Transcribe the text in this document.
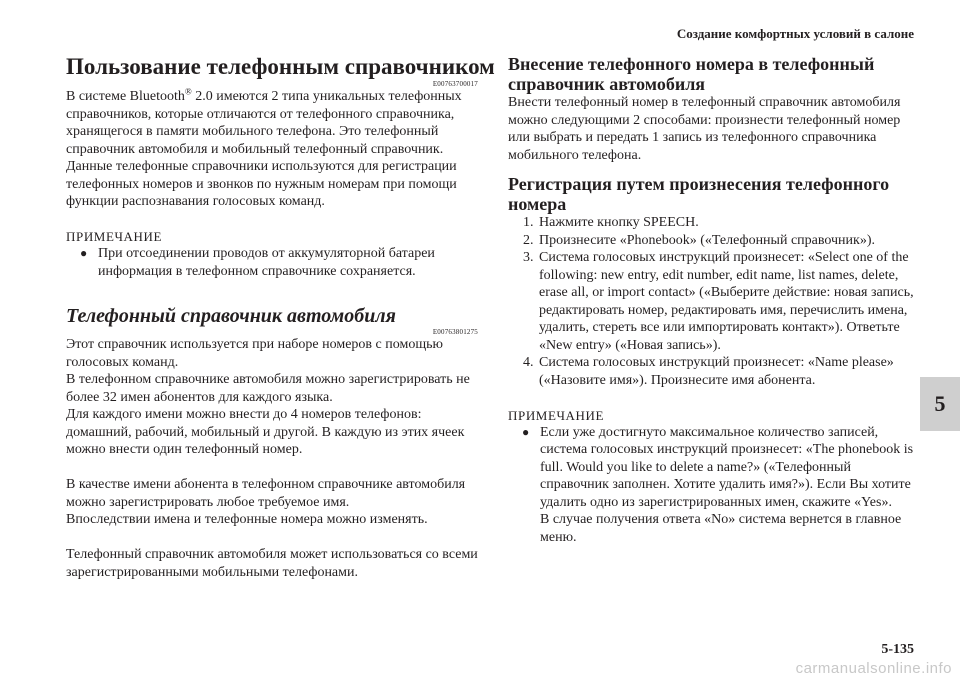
Создание комфортных условий в салоне
Пользование телефонным справочником
E00763700017

В системе Bluetooth® 2.0 имеются 2 типа уникальных телефонных справочников, которые отличаются от телефонного справочника, хранящегося в памяти мобильного телефона. Это телефонный справочник автомобиля и мобильный телефонный справочник. Данные телефонные справочники используются для регистрации телефонных номеров и звонков по нужным номерам при помощи функции распознавания голосовых команд.

ПРИМЕЧАНИЕ
● При отсоединении проводов от аккумуляторной батареи информация в телефонном справочнике сохраняется.
Телефонный справочник автомобиля
E00763801275

Этот справочник используется при наборе номеров с помощью голосовых команд.

В телефонном справочнике автомобиля можно зарегистрировать не более 32 имен абонентов для каждого языка.

Для каждого имени можно внести до 4 номеров телефонов: домашний, рабочий, мобильный и другой. В каждую из этих ячеек можно внести один телефонный номер.

В качестве имени абонента в телефонном справочнике автомобиля можно зарегистрировать любое требуемое имя.

Впоследствии имена и телефонные номера можно изменять.

Телефонный справочник автомобиля может использоваться со всеми зарегистрированными мобильными телефонами.

Внесение телефонного номера в телефонный справочник автомобиля

Внести телефонный номер в телефонный справочник автомобиля можно следующими 2 способами: произнести телефонный номер или выбрать и передать 1 запись из телефонного справочника мобильного телефона.

Регистрация путем произнесения телефонного номера
1. Нажмите кнопку SPEECH.
2. Произнесите «Phonebook» («Телефонный справочник»).
3. Система голосовых инструкций произнесет: «Select one of the following: new entry, edit number, edit name, list names, delete, erase all, or import contact» («Выберите действие: новая запись, редактировать номер, редактировать имя, перечислить имена, удалить, стереть все или импортировать контакт»). Ответьте «New entry» («Новая запись»).
4. Система голосовых инструкций произнесет: «Name please» («Назовите имя»). Произнесите имя абонента.
ПРИМЕЧАНИЕ
● Если уже достигнуто максимальное количество записей, система голосовых инструкций произнесет: «The phonebook is full. Would you like to delete a name?» («Телефонный справочник заполнен. Хотите удалить имя?»). Если Вы хотите удалить одно из зарегистрированных имен, скажите «Yes».
В случае получения ответа «No» система вернется в главное меню.
5
5-135
carmanualsonline.info
